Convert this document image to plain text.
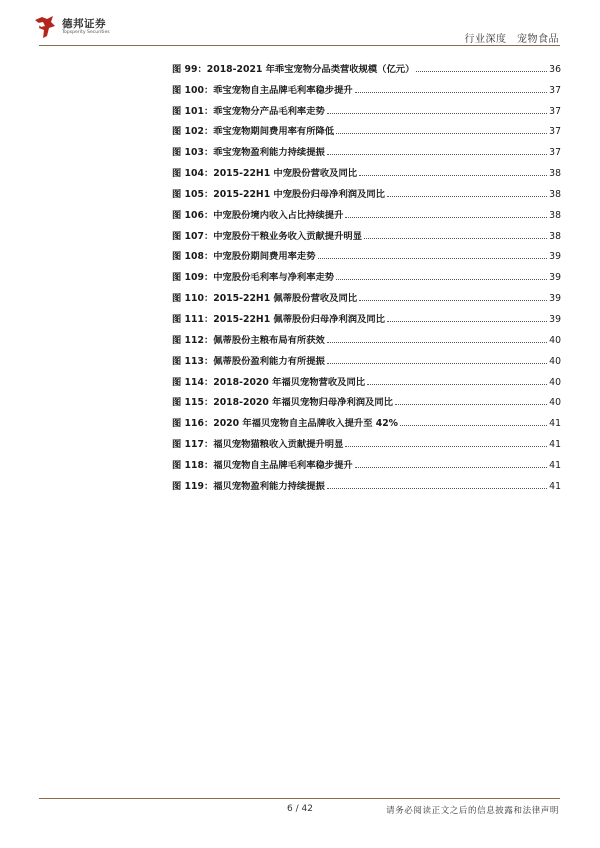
德邦证券
Topsperity Securities
行业深度　宠物食品
图 99：2018-2021 年乖宝宠物分品类营收规模（亿元）	36
图 100：乖宝宠物自主品牌毛利率稳步提升	37
图 101：乖宝宠物分产品毛利率走势	37
图 102：乖宝宠物期间费用率有所降低	37
图 103：乖宝宠物盈利能力持续提振	37
图 104：2015-22H1 中宠股份营收及同比	38
图 105：2015-22H1 中宠股份归母净利润及同比	38
图 106：中宠股份境内收入占比持续提升	38
图 107：中宠股份干粮业务收入贡献提升明显	38
图 108：中宠股份期间费用率走势	39
图 109：中宠股份毛利率与净利率走势	39
图 110：2015-22H1 佩蒂股份营收及同比	39
图 111：2015-22H1 佩蒂股份归母净利润及同比	39
图 112：佩蒂股份主粮布局有所获效	40
图 113：佩蒂股份盈利能力有所提振	40
图 114：2018-2020 年福贝宠物营收及同比	40
图 115：2018-2020 年福贝宠物归母净利润及同比	40
图 116：2020 年福贝宠物自主品牌收入提升至 42%	41
图 117：福贝宠物猫粮收入贡献提升明显	41
图 118：福贝宠物自主品牌毛利率稳步提升	41
图 119：福贝宠物盈利能力持续提振	41
6 / 42	请务必阅读正文之后的信息披露和法律声明
